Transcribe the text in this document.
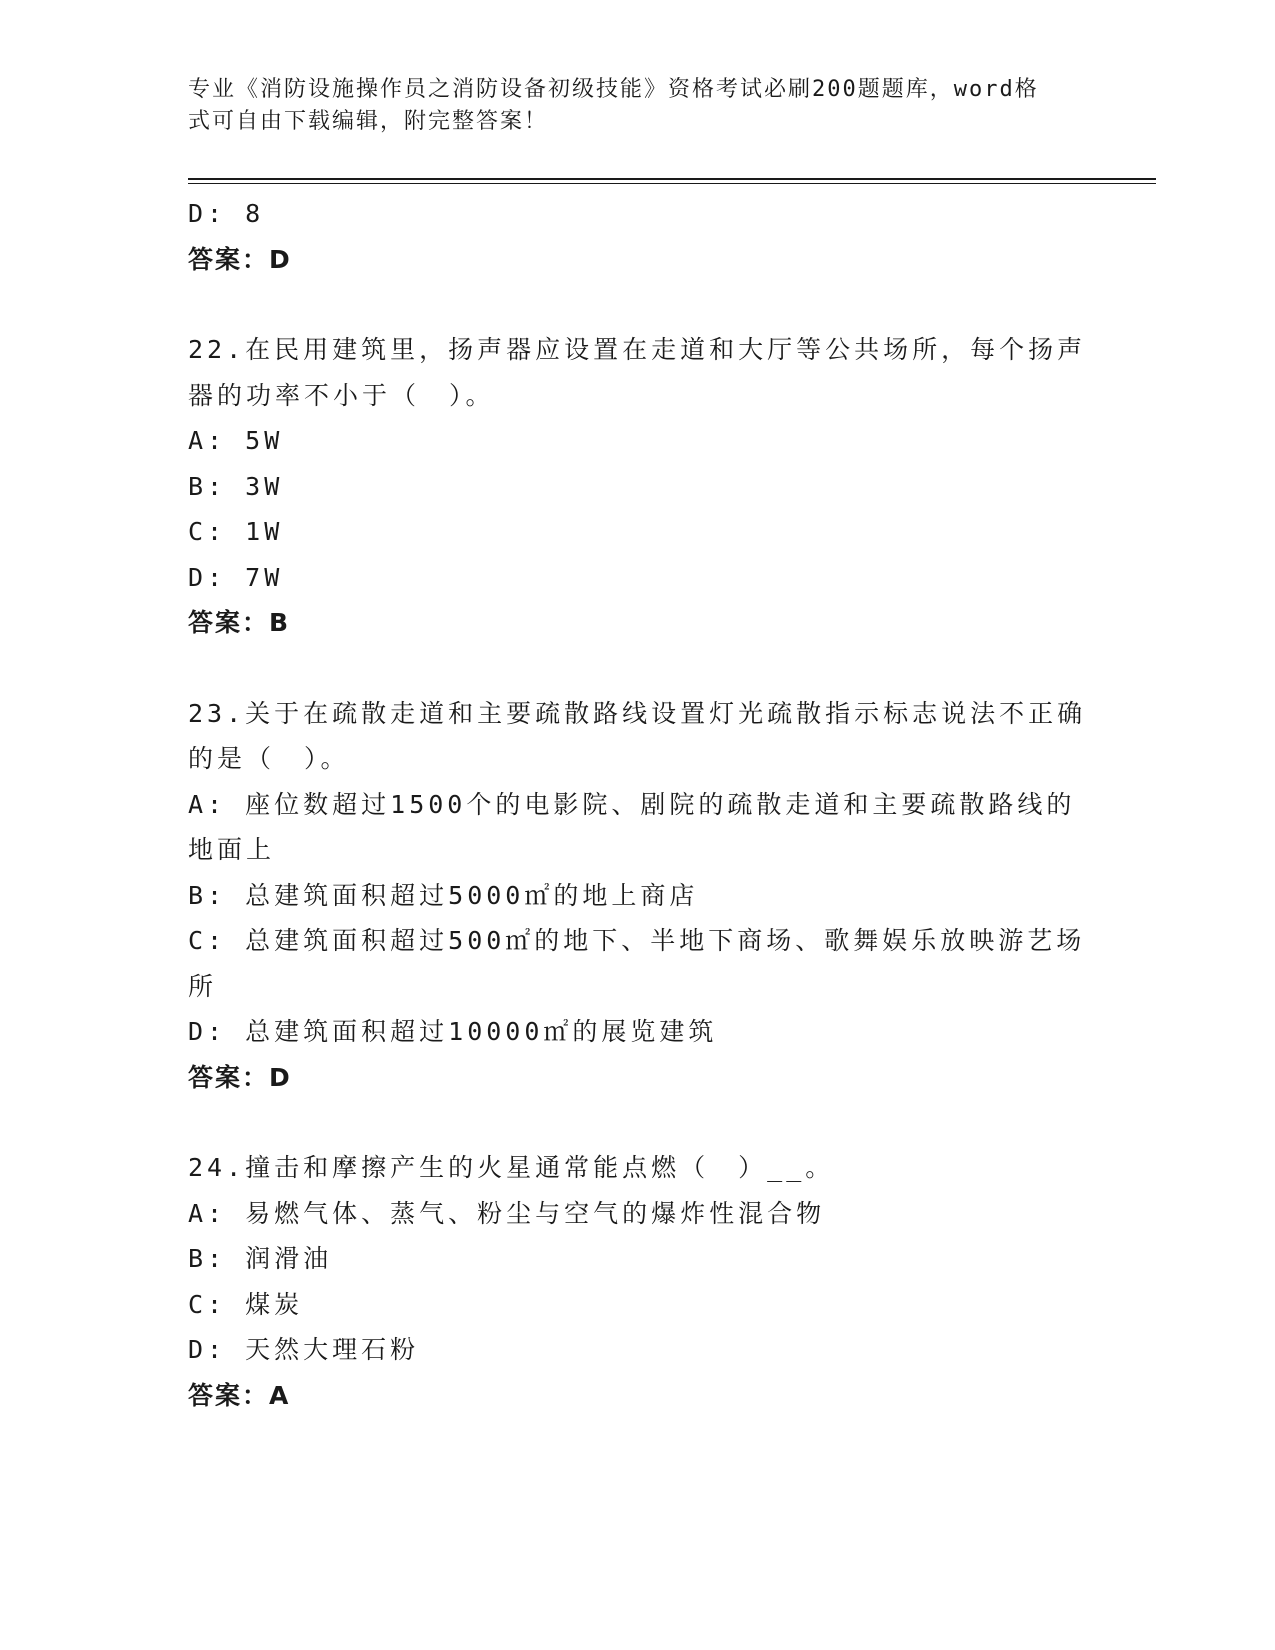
专业《消防设施操作员之消防设备初级技能》资格考试必刷200题题库，word格
式可自由下载编辑，附完整答案！
D: 8
答案：D
22.在民用建筑里，扬声器应设置在走道和大厅等公共场所，每个扬声
器的功率不小于（　）。
A: 5W
B: 3W
C: 1W
D: 7W
答案：B
23.关于在疏散走道和主要疏散路线设置灯光疏散指示标志说法不正确
的是（　）。
A: 座位数超过1500个的电影院、剧院的疏散走道和主要疏散路线的
地面上
B: 总建筑面积超过5000㎡的地上商店
C: 总建筑面积超过500㎡的地下、半地下商场、歌舞娱乐放映游艺场
所
D: 总建筑面积超过10000㎡的展览建筑
答案：D
24.撞击和摩擦产生的火星通常能点燃（　）__。
A: 易燃气体、蒸气、粉尘与空气的爆炸性混合物
B: 润滑油
C: 煤炭
D: 天然大理石粉
答案：A
